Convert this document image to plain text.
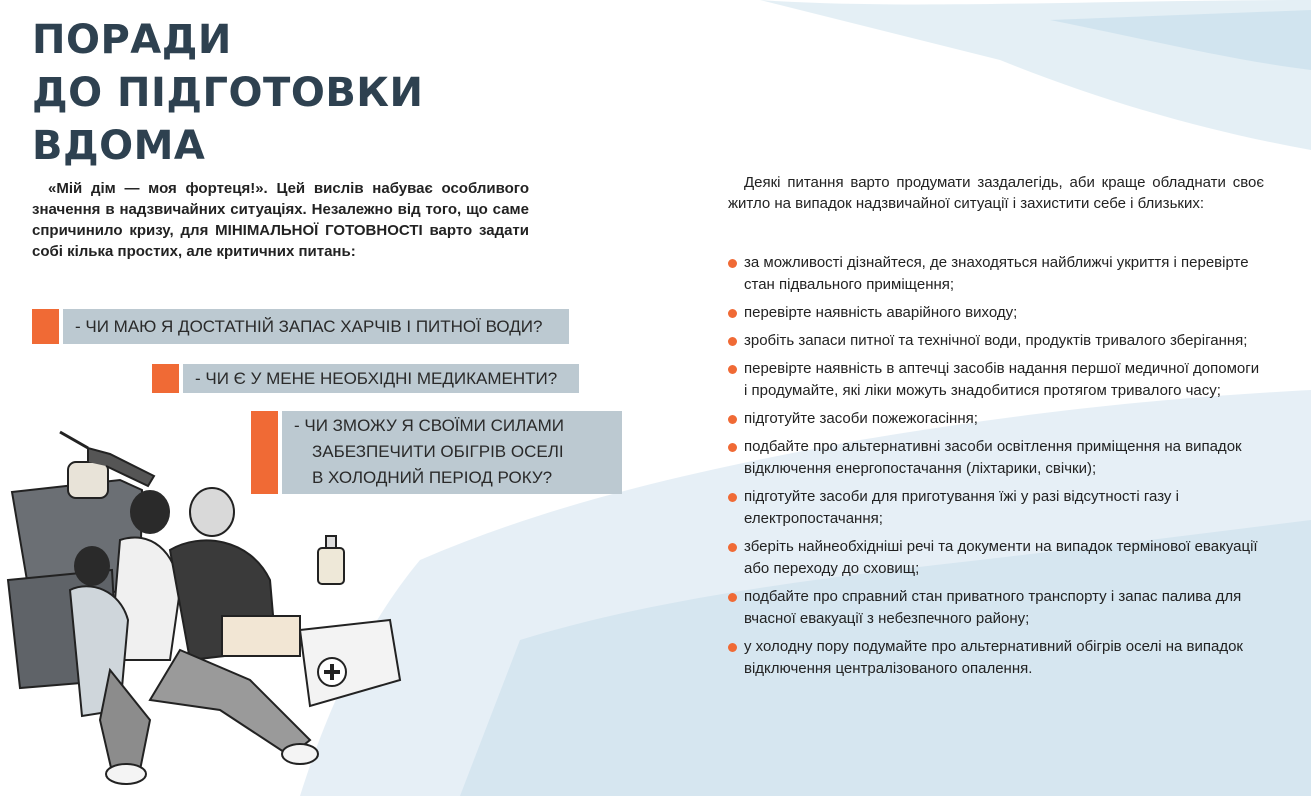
ПОРАДИ
ДО ПІДГОТОВКИ
ВДОМА

«Мій дім — моя фортеця!». Цей вислів набуває особливого значення в надзвичайних ситуаціях. Незалежно від того, що саме спричинило кризу, для МІНІМАЛЬНОЇ ГОТОВНОСТІ варто задати собі кілька простих, але критичних питань:

- ЧИ МАЮ Я ДОСТАТНІЙ ЗАПАС ХАРЧІВ І ПИТНОЇ ВОДИ?
- ЧИ Є У МЕНЕ НЕОБХІДНІ МЕДИКАМЕНТИ?
- ЧИ ЗМОЖУ Я СВОЇМИ СИЛАМИ
ЗАБЕЗПЕЧИТИ ОБІГРІВ ОСЕЛІ
В ХОЛОДНИЙ ПЕРІОД РОКУ?

Деякі питання варто продумати заздалегідь, аби краще обладнати своє житло на випадок надзвичайної ситуації і захистити себе і близьких:

за можливості дізнайтеся, де знаходяться найближчі укриття і перевірте стан підвального приміщення;
перевірте наявність аварійного виходу;
зробіть запаси питної та технічної води, продуктів тривалого зберігання;
перевірте наявність в аптечці засобів надання першої медичної допомоги і продумайте, які ліки можуть знадобитися протягом тривалого часу;
підготуйте засоби пожежогасіння;
подбайте про альтернативні засоби освітлення приміщення на випадок відключення енергопостачання (ліхтарики, свічки);
підготуйте засоби для приготування їжі у разі відсутності газу і електропостачання;
зберіть найнеобхідніші речі та документи на випадок термінової евакуації або переходу до сховищ;
подбайте про справний стан приватного транспорту і запас палива для вчасної евакуації з небезпечного району;
у холодну пору подумайте про альтернативний обігрів оселі на випадок відключення централізованого опалення.
